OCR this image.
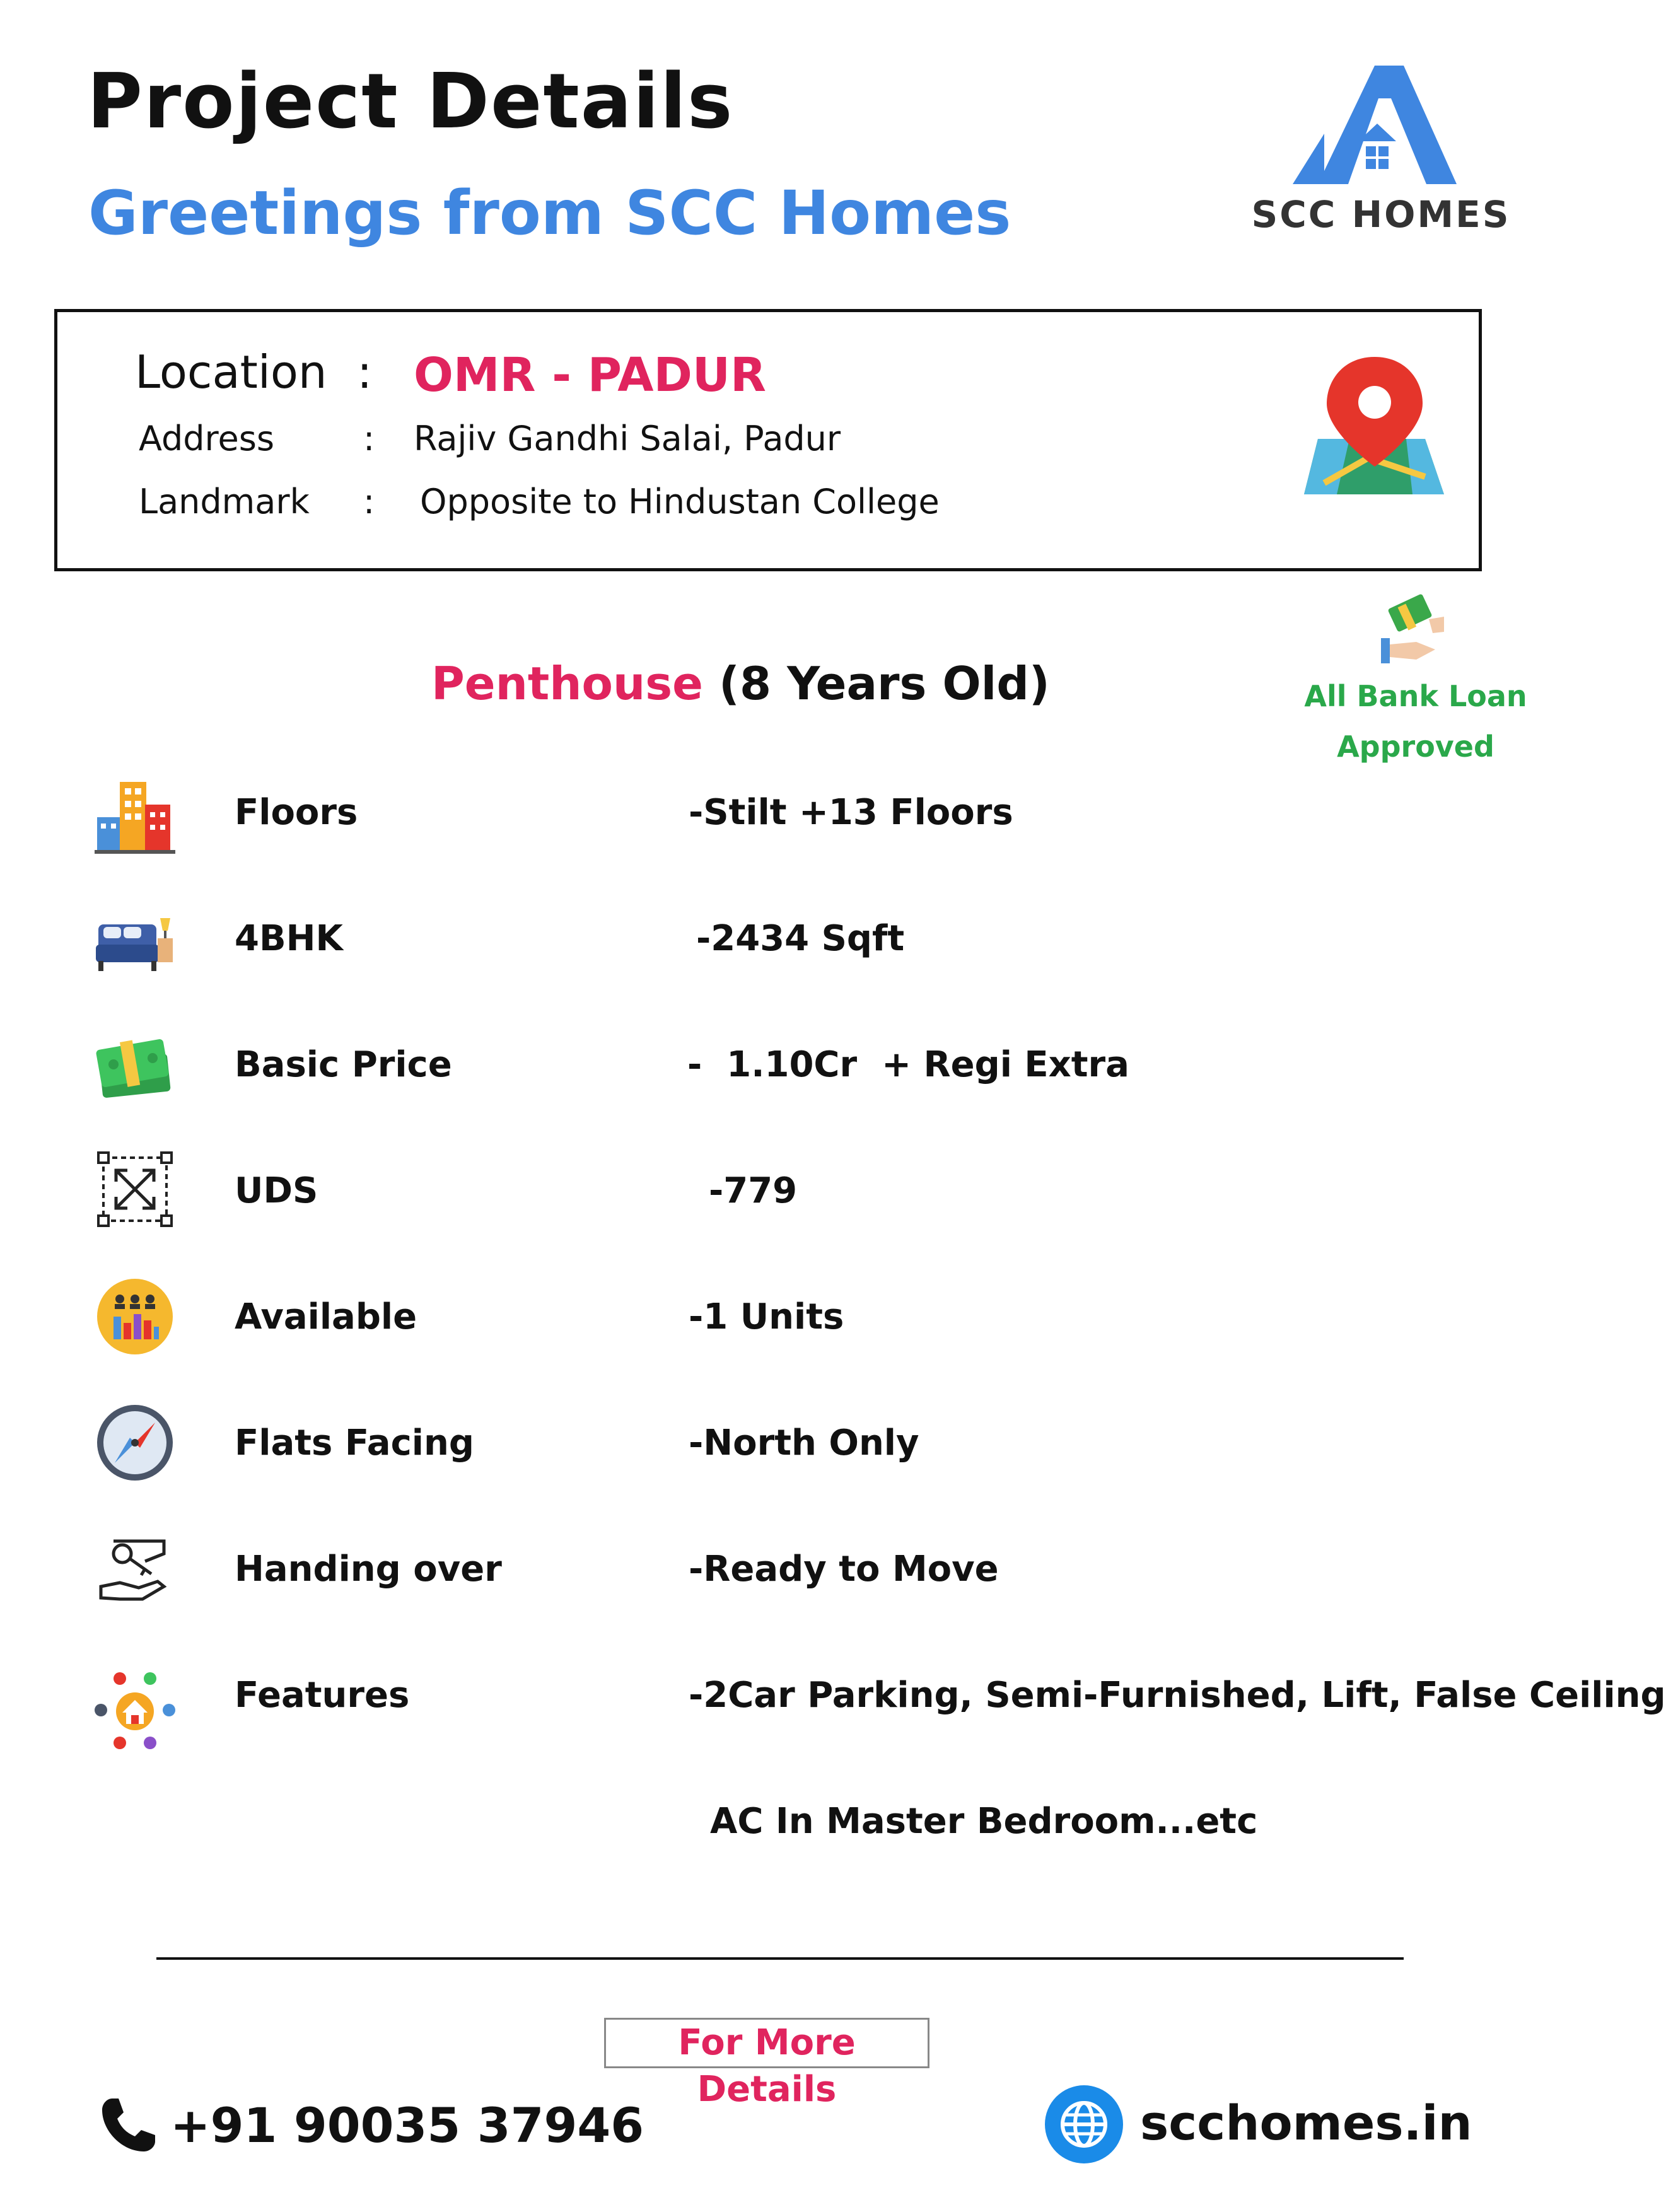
Project Details
Greetings from SCC Homes	SCC HOMES
Location : OMR - PADUR
Address	: Rajiv Gandhi Salai, Padur
Landmark : Opposite to Hindustan College
Penthouse (8 Years Old)	All Bank Loan
Approved
Floors	-Stilt +13 Floors
4BHK	-2434 Sqft
Basic Price	-  1.10Cr  + Regi Extra
UDS	-779
Available	-1 Units
Flats Facing	-North Only
Handing over	-Ready to Move
Features	-2Car Parking, Semi-Furnished, Lift, False Ceiling
AC In Master Bedroom...etc
For More Details
+91 90035 37946	scchomes.in
